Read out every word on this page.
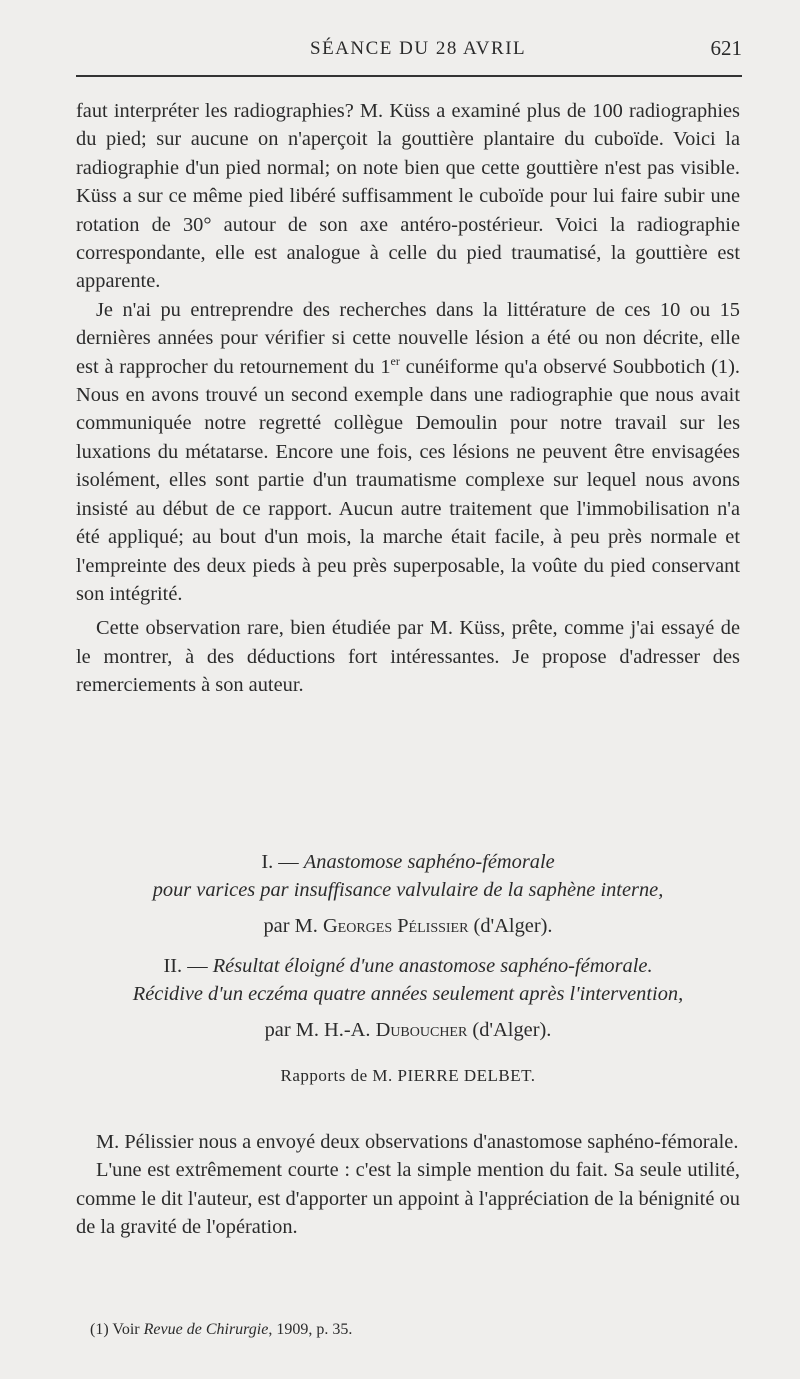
SÉANCE DU 28 AVRIL	621

faut interpréter les radiographies? M. Küss a examiné plus de 100 radiographies du pied; sur aucune on n'aperçoit la gouttière plantaire du cuboïde. Voici la radiographie d'un pied normal; on note bien que cette gouttière n'est pas visible. Küss a sur ce même pied libéré suffisamment le cuboïde pour lui faire subir une rotation de 30° autour de son axe antéro-postérieur. Voici la radiographie correspondante, elle est analogue à celle du pied traumatisé, la gouttière est apparente.

Je n'ai pu entreprendre des recherches dans la littérature de ces 10 ou 15 dernières années pour vérifier si cette nouvelle lésion a été ou non décrite, elle est à rapprocher du retournement du 1er cunéiforme qu'a observé Soubbotich (1). Nous en avons trouvé un second exemple dans une radiographie que nous avait communiquée notre regretté collègue Demoulin pour notre travail sur les luxations du métatarse. Encore une fois, ces lésions ne peuvent être envisagées isolément, elles sont partie d'un traumatisme complexe sur lequel nous avons insisté au début de ce rapport. Aucun autre traitement que l'immobilisation n'a été appliqué; au bout d'un mois, la marche était facile, à peu près normale et l'empreinte des deux pieds à peu près superposable, la voûte du pied conservant son intégrité.

Cette observation rare, bien étudiée par M. Küss, prête, comme j'ai essayé de le montrer, à des déductions fort intéressantes. Je propose d'adresser des remerciements à son auteur.

I. — Anastomose saphéno-fémorale
pour varices par insuffisance valvulaire de la saphène interne,
par M. Georges Pélissier (d'Alger).
II. — Résultat éloigné d'une anastomose saphéno-fémorale.
Récidive d'un eczéma quatre années seulement après l'intervention,
par M. H.-A. Duboucher (d'Alger).
Rapports de M. PIERRE DELBET.

M. Pélissier nous a envoyé deux observations d'anastomose saphéno-fémorale.

L'une est extrêmement courte : c'est la simple mention du fait. Sa seule utilité, comme le dit l'auteur, est d'apporter un appoint à l'appréciation de la bénignité ou de la gravité de l'opération.

(1) Voir Revue de Chirurgie, 1909, p. 35.
